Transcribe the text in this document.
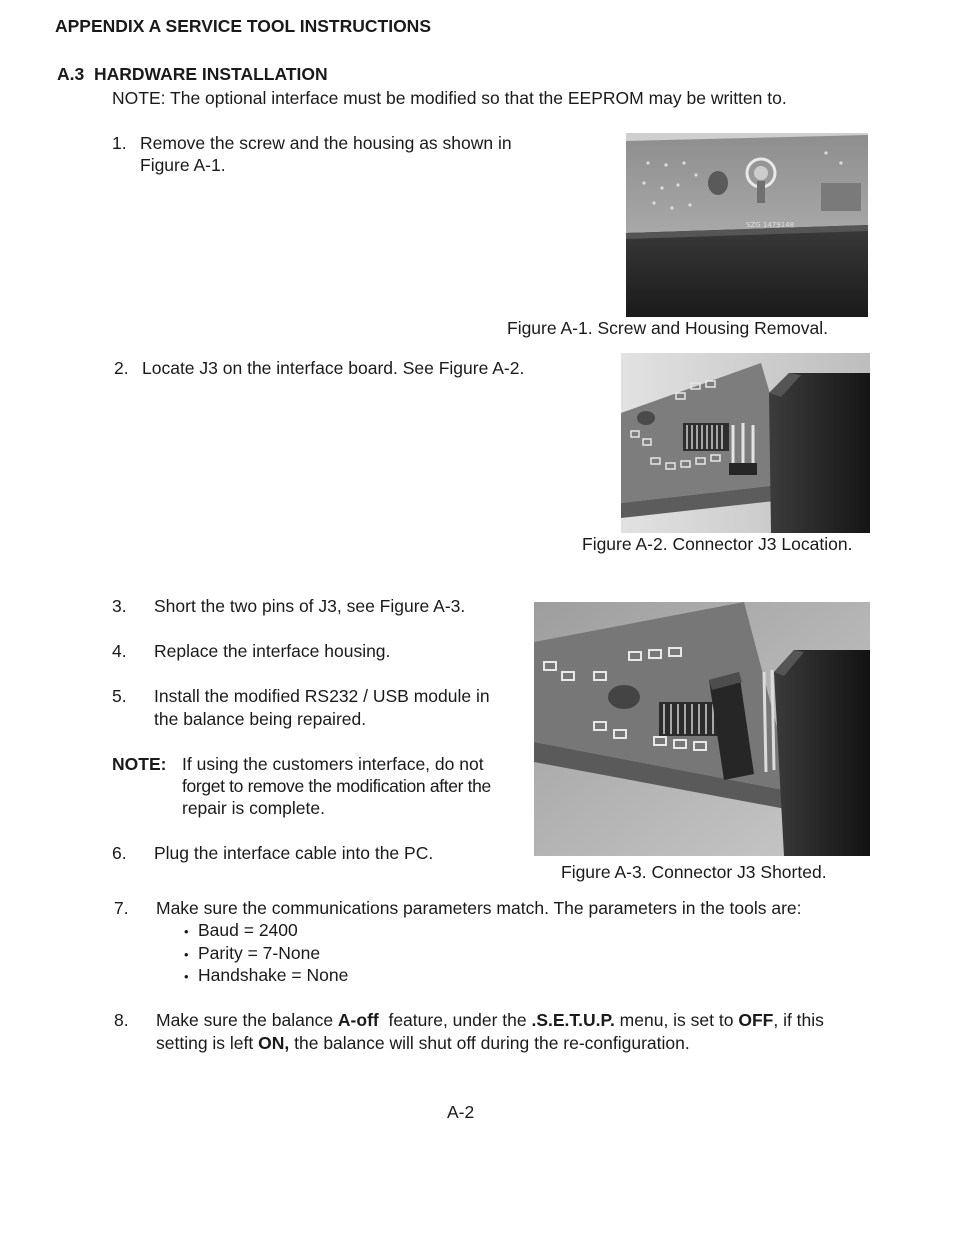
APPENDIX A SERVICE TOOL INSTRUCTIONS
A.3 HARDWARE INSTALLATION
NOTE: The optional interface must be modified so that the EEPROM may be written to.
1. Remove the screw and the housing as shown in
Figure A-1.
SZG 1479148
Figure A-1. Screw and Housing Removal.
2. Locate J3 on the interface board. See Figure A-2.
Figure A-2. Connector J3 Location.
3. Short the two pins of J3, see Figure A-3.
4. Replace the interface housing.
5. Install the modified RS232 / USB module in
the balance being repaired.
NOTE: If using the customers interface, do not
forget to remove the modification after the
repair is complete.
6. Plug the interface cable into the PC.
Figure A-3. Connector J3 Shorted.
7. Make sure the communications parameters match. The parameters in the tools are:
• Baud = 2400
• Parity = 7-None
• Handshake = None
8. Make sure the balance A-off  feature, under the .S.E.T.U.P. menu, is set to OFF, if this
setting is left ON, the balance will shut off during the re-configuration.
A-2
